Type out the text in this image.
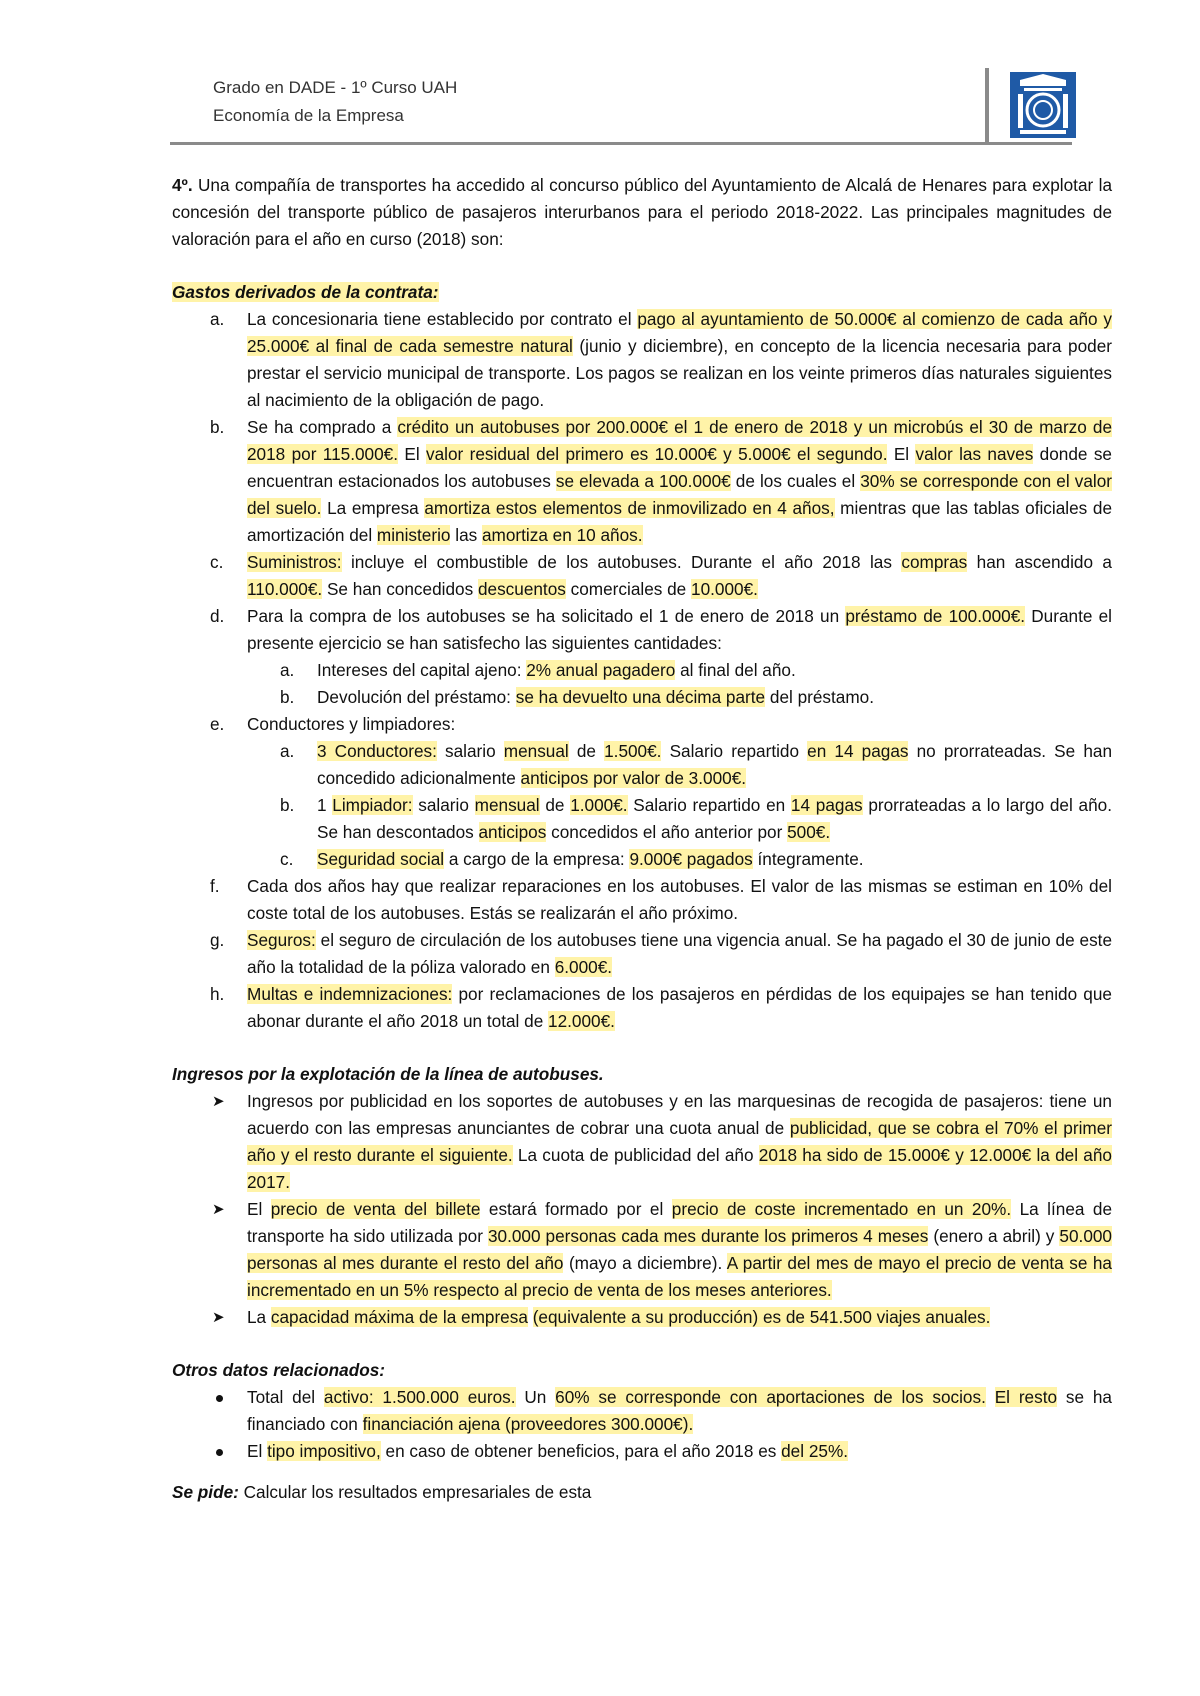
Grado en DADE - 1º Curso UAH
Economía de la Empresa

4º. Una compañía de transportes ha accedido al concurso público del Ayuntamiento de Alcalá de Henares para explotar la concesión del transporte público de pasajeros interurbanos para el periodo 2018-2022. Las principales magnitudes de valoración para el año en curso (2018) son:

Gastos derivados de la contrata:
a. La concesionaria tiene establecido por contrato el pago al ayuntamiento de 50.000€ al comienzo de cada año y 25.000€ al final de cada semestre natural (junio y diciembre), en concepto de la licencia necesaria para poder prestar el servicio municipal de transporte. Los pagos se realizan en los veinte primeros días naturales siguientes al nacimiento de la obligación de pago.
b. Se ha comprado a crédito un autobuses por 200.000€ el 1 de enero de 2018 y un microbús el 30 de marzo de 2018 por 115.000€. El valor residual del primero es 10.000€ y 5.000€ el segundo. El valor las naves donde se encuentran estacionados los autobuses se elevada a 100.000€ de los cuales el 30% se corresponde con el valor del suelo. La empresa amortiza estos elementos de inmovilizado en 4 años, mientras que las tablas oficiales de amortización del ministerio las amortiza en 10 años.
c. Suministros: incluye el combustible de los autobuses. Durante el año 2018 las compras han ascendido a 110.000€. Se han concedidos descuentos comerciales de 10.000€.
d. Para la compra de los autobuses se ha solicitado el 1 de enero de 2018 un préstamo de 100.000€. Durante el presente ejercicio se han satisfecho las siguientes cantidades:
a. Intereses del capital ajeno: 2% anual pagadero al final del año.
b. Devolución del préstamo: se ha devuelto una décima parte del préstamo.
e. Conductores y limpiadores:
a. 3 Conductores: salario mensual de 1.500€. Salario repartido en 14 pagas no prorrateadas. Se han concedido adicionalmente anticipos por valor de 3.000€.
b. 1 Limpiador: salario mensual de 1.000€. Salario repartido en 14 pagas prorrateadas a lo largo del año. Se han descontados anticipos concedidos el año anterior por 500€.
c. Seguridad social a cargo de la empresa: 9.000€ pagados íntegramente.
f. Cada dos años hay que realizar reparaciones en los autobuses. El valor de las mismas se estiman en 10% del coste total de los autobuses. Estás se realizarán el año próximo.
g. Seguros: el seguro de circulación de los autobuses tiene una vigencia anual. Se ha pagado el 30 de junio de este año la totalidad de la póliza valorado en 6.000€.
h. Multas e indemnizaciones: por reclamaciones de los pasajeros en pérdidas de los equipajes se han tenido que abonar durante el año 2018 un total de 12.000€.
Ingresos por la explotación de la línea de autobuses.
➤ Ingresos por publicidad en los soportes de autobuses y en las marquesinas de recogida de pasajeros: tiene un acuerdo con las empresas anunciantes de cobrar una cuota anual de publicidad, que se cobra el 70% el primer año y el resto durante el siguiente. La cuota de publicidad del año 2018 ha sido de 15.000€ y 12.000€ la del año 2017.
➤ El precio de venta del billete estará formado por el precio de coste incrementado en un 20%. La línea de transporte ha sido utilizada por 30.000 personas cada mes durante los primeros 4 meses (enero a abril) y 50.000 personas al mes durante el resto del año (mayo a diciembre). A partir del mes de mayo el precio de venta se ha incrementado en un 5% respecto al precio de venta de los meses anteriores.
➤ La capacidad máxima de la empresa (equivalente a su producción) es de 541.500 viajes anuales.
Otros datos relacionados:
Total del activo: 1.500.000 euros. Un 60% se corresponde con aportaciones de los socios. El resto se ha financiado con financiación ajena (proveedores 300.000€).
El tipo impositivo, en caso de obtener beneficios, para el año 2018 es del 25%.

Se pide: Calcular los resultados empresariales de esta
